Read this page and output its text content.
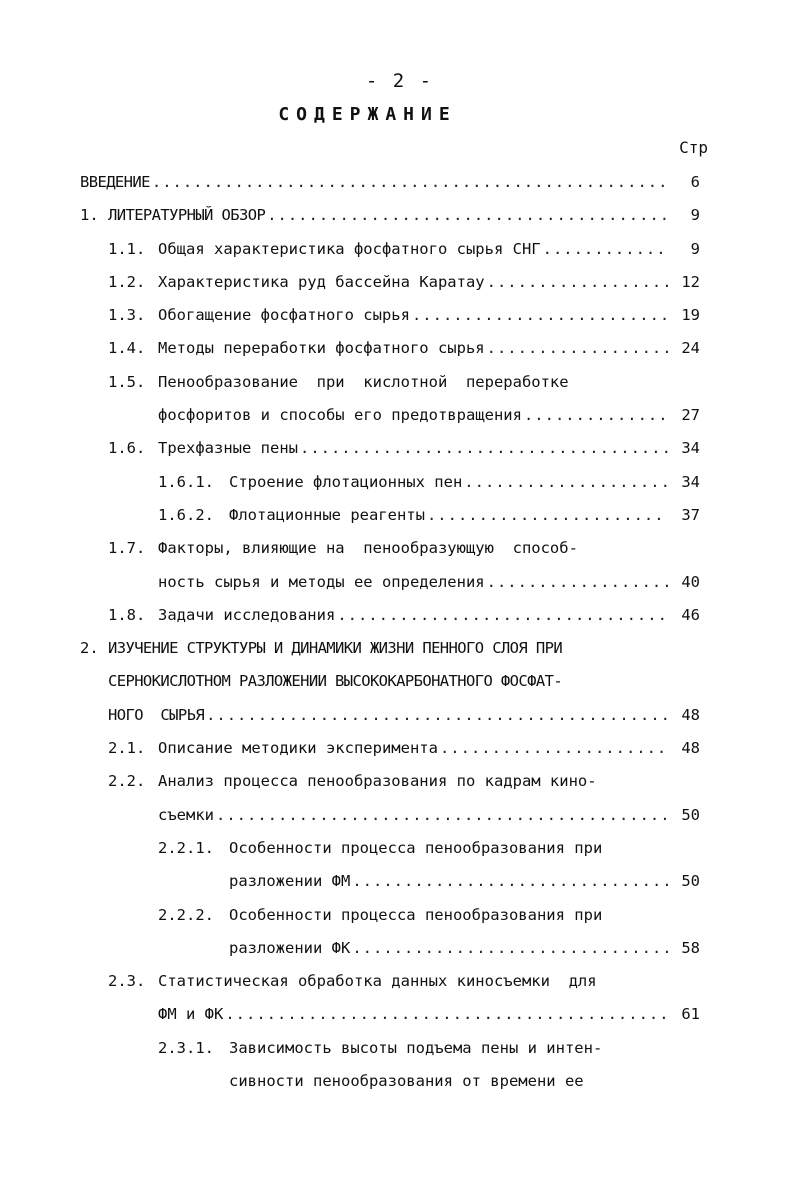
- 2 -
СОДЕРЖАНИЕ
Стр
ВВЕДЕНИЕ .....	6
1. ЛИТЕРАТУРНЫЙ ОБЗОР .....	9
1.1. Общая характеристика фосфатного сырья СНГ .....	9
1.2. Характеристика руд бассейна Каратау .....	12
1.3. Обогащение фосфатного сырья .....	19
1.4. Методы переработки фосфатного сырья .....	24
1.5. Пенообразование  при  кислотной  переработке
фосфоритов и способы его предотвращения .....	27
1.6. Трехфазные пены .....	34
1.6.1. Строение флотационных пен .....	34
1.6.2. Флотационные реагенты .....	37
1.7. Факторы, влияющие на  пенообразующую  способ-
ность сырья и методы ее определения .....	40
1.8. Задачи исследования .....	46
2. ИЗУЧЕНИЕ СТРУКТУРЫ И ДИНАМИКИ ЖИЗНИ ПЕННОГО СЛОЯ ПРИ
СЕРНОКИСЛОТНОМ РАЗЛОЖЕНИИ ВЫСОКОКАРБОНАТНОГО ФОСФАТ-
НОГО  СЫРЬЯ .....	48
2.1. Описание методики эксперимента .....	48
2.2. Анализ процесса пенообразования по кадрам кино-
съемки .....	50
2.2.1. Особенности процесса пенообразования при
разложении ФМ .....	50
2.2.2. Особенности процесса пенообразования при
разложении ФК .....	58
2.3. Статистическая обработка данных киносъемки  для
ФМ и ФК .....	61
2.3.1. Зависимость высоты подъема пены и интен-
сивности пенообразования от времени ее
